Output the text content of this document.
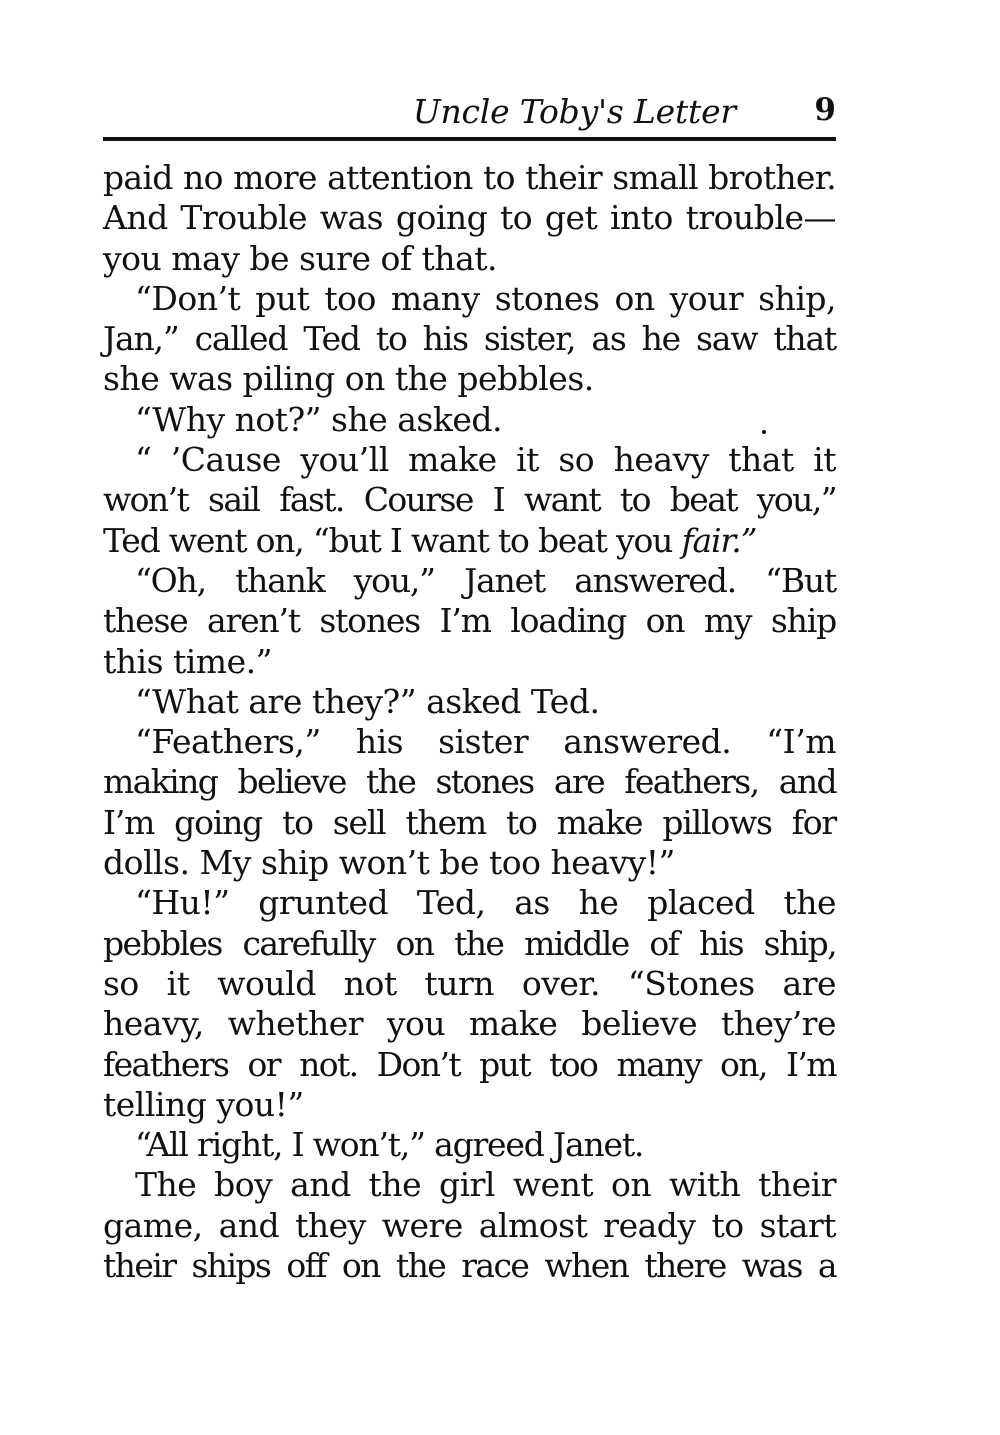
Uncle Toby's Letter	9
paid no more attention to their small brother.
And Trouble was going to get into trouble—
you may be sure of that.
“Don’t put too many stones on your ship,
Jan,” called Ted to his sister, as he saw that
she was piling on the pebbles.
“Why not?” she asked.
“ ’Cause you’ll make it so heavy that it
won’t sail fast. Course I want to beat you,”
Ted went on, “but I want to beat you fair.”
“Oh, thank you,” Janet answered. “But
these aren’t stones I’m loading on my ship
this time.”
“What are they?” asked Ted.
“Feathers,” his sister answered. “I’m
making believe the stones are feathers, and
I’m going to sell them to make pillows for
dolls. My ship won’t be too heavy!”
“Hu!” grunted Ted, as he placed the
pebbles carefully on the middle of his ship,
so it would not turn over. “Stones are
heavy, whether you make believe they’re
feathers or not. Don’t put too many on, I’m
telling you!”
“All right, I won’t,” agreed Janet.
The boy and the girl went on with their
game, and they were almost ready to start
their ships off on the race when there was a
